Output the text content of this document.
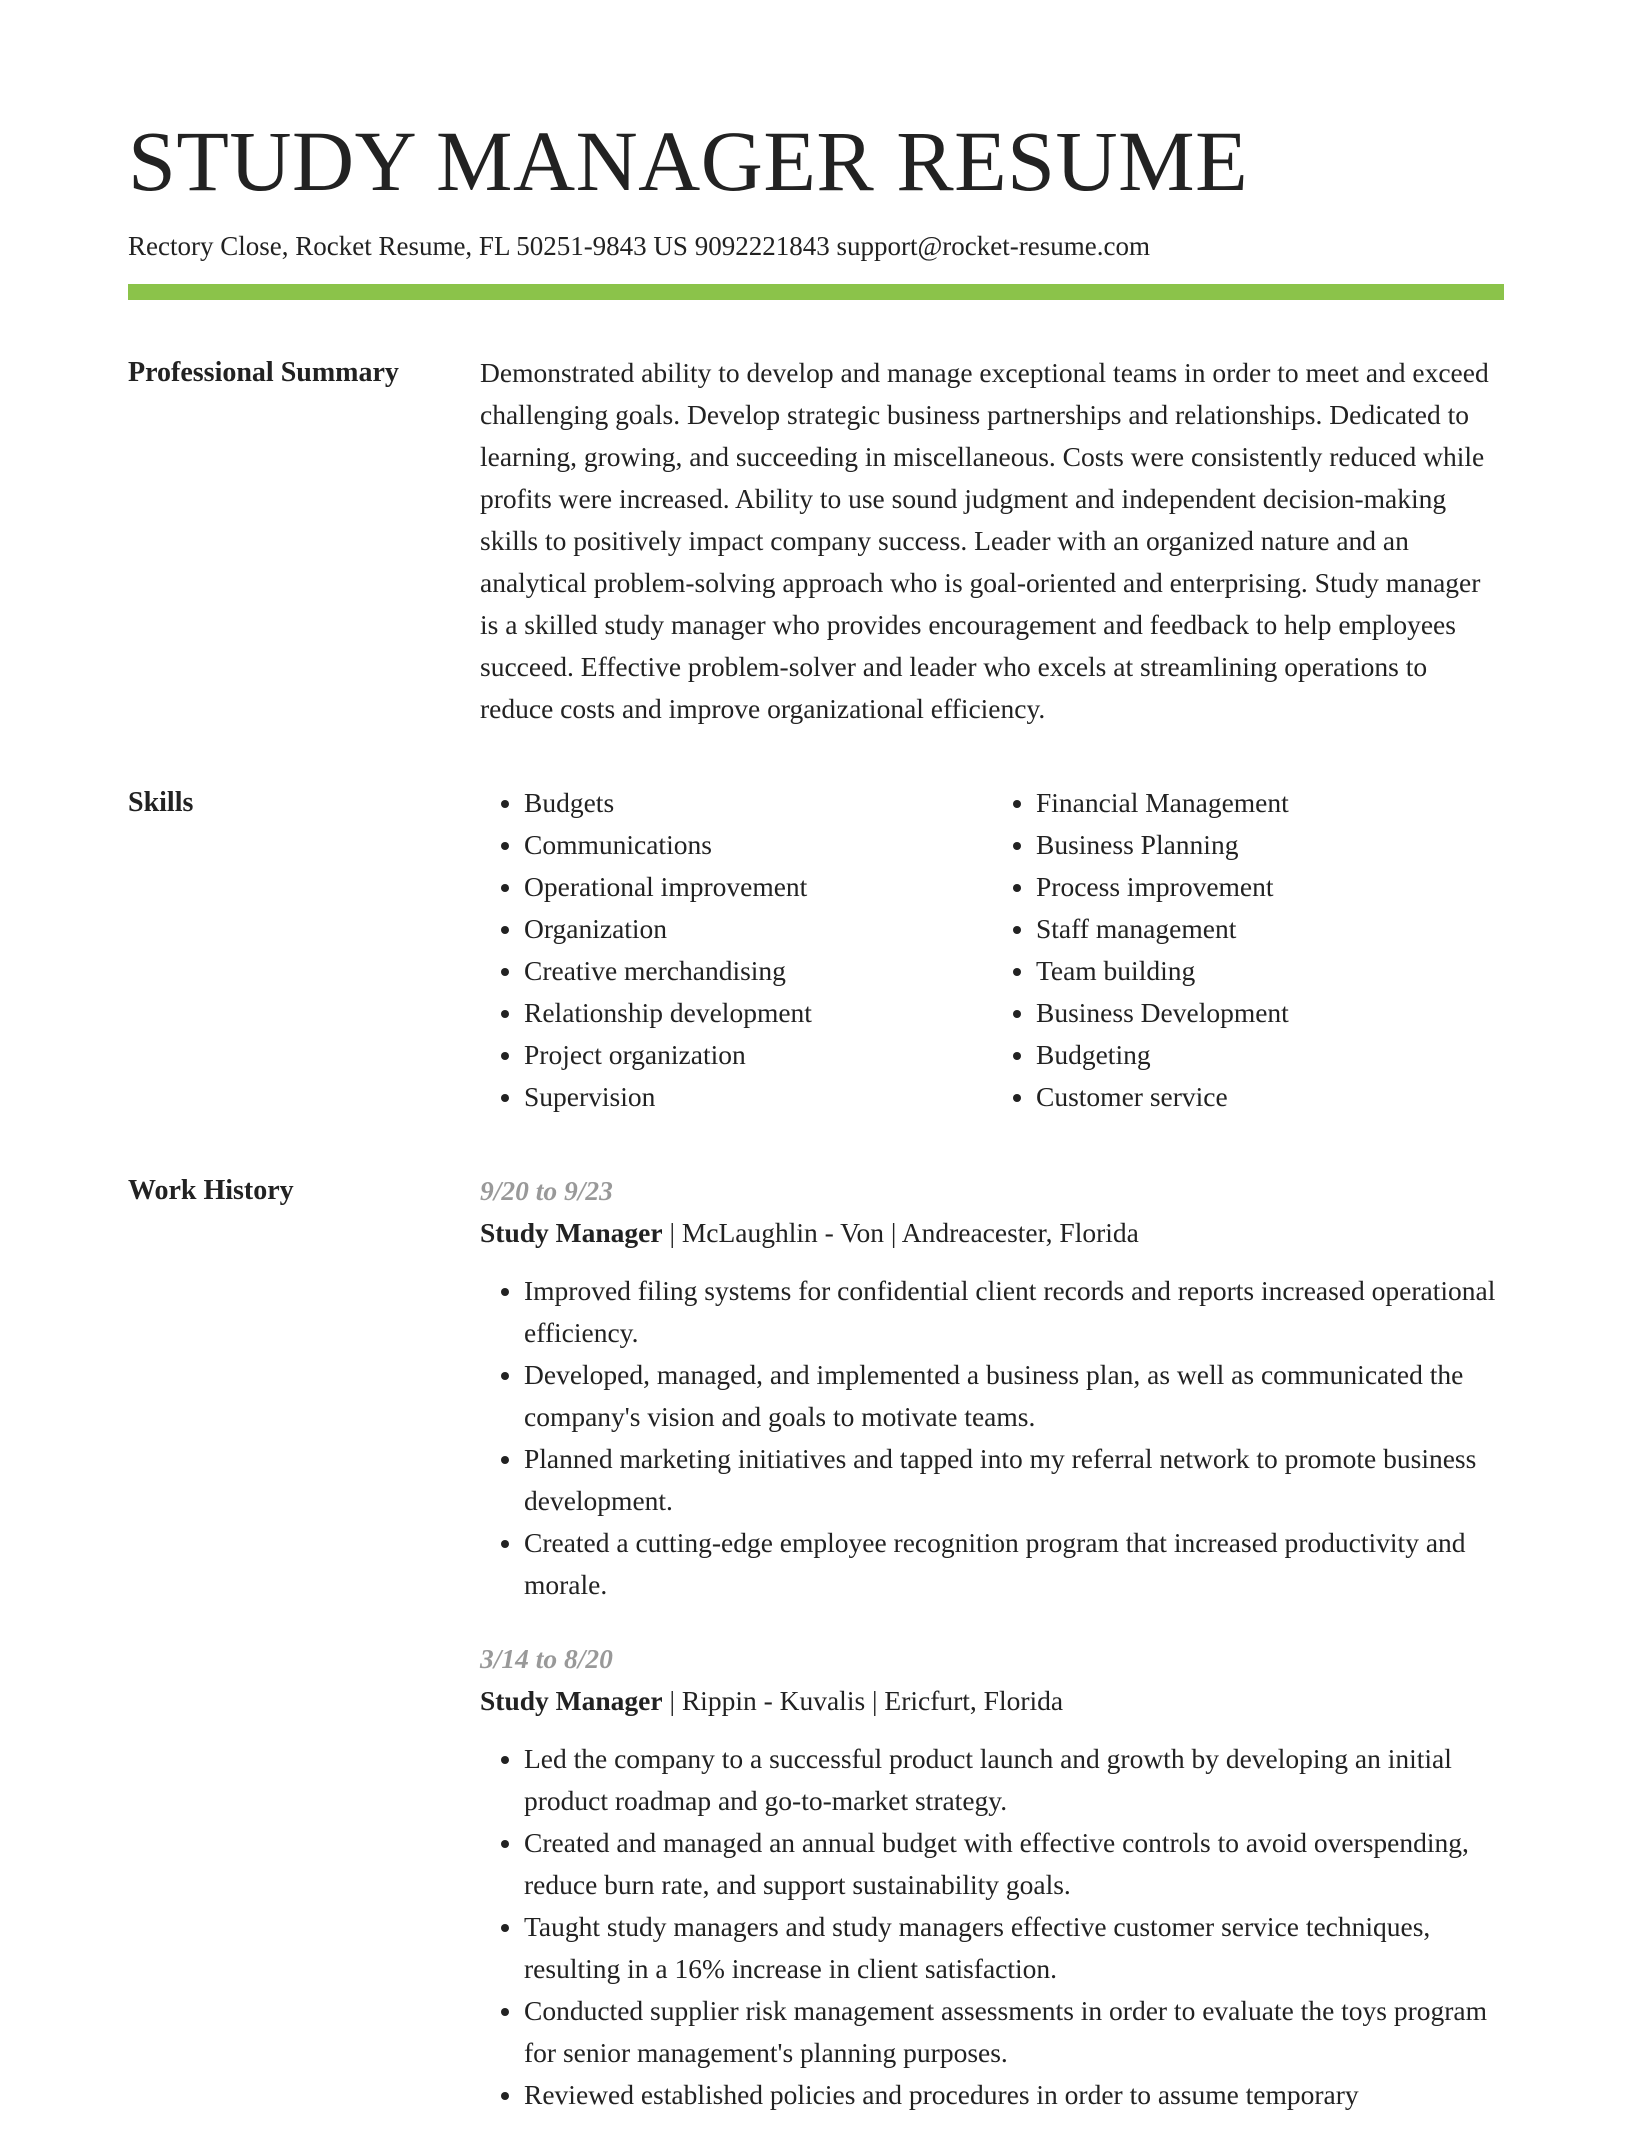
STUDY MANAGER RESUME
Rectory Close, Rocket Resume, FL 50251-9843 US 9092221843 support@rocket-resume.com
Professional Summary	Demonstrated ability to develop and manage exceptional teams in order to meet and exceed challenging goals. Develop strategic business partnerships and relationships. Dedicated to learning, growing, and succeeding in miscellaneous. Costs were consistently reduced while profits were increased. Ability to use sound judgment and independent decision-making skills to positively impact company success. Leader with an organized nature and an analytical problem-solving approach who is goal-oriented and enterprising. Study manager is a skilled study manager who provides encouragement and feedback to help employees succeed. Effective problem-solver and leader who excels at streamlining operations to reduce costs and improve organizational efficiency.

Skills
•	Budgets
• Communications
• Operational improvement
• Organization
• Creative merchandising
• Relationship development
• Project organization
• Supervision
• Financial Management
• Business Planning
• Process improvement
• Staff management
• Team building
• Business Development
• Budgeting
• Customer service
Work History	9/20 to 9/23
Study Manager | McLaughlin - Von | Andreacester, Florida
• Improved filing systems for confidential client records and reports increased operational efficiency.
• Developed, managed, and implemented a business plan, as well as communicated the company's vision and goals to motivate teams.
• Planned marketing initiatives and tapped into my referral network to promote business development.
• Created a cutting-edge employee recognition program that increased productivity and morale.
3/14 to 8/20
Study Manager | Rippin - Kuvalis | Ericfurt, Florida
• Led the company to a successful product launch and growth by developing an initial product roadmap and go-to-market strategy.
• Created and managed an annual budget with effective controls to avoid overspending, reduce burn rate, and support sustainability goals.
• Taught study managers and study managers effective customer service techniques, resulting in a 16% increase in client satisfaction.
• Conducted supplier risk management assessments in order to evaluate the toys program for senior management's planning purposes.
• Reviewed established policies and procedures in order to assume temporary
